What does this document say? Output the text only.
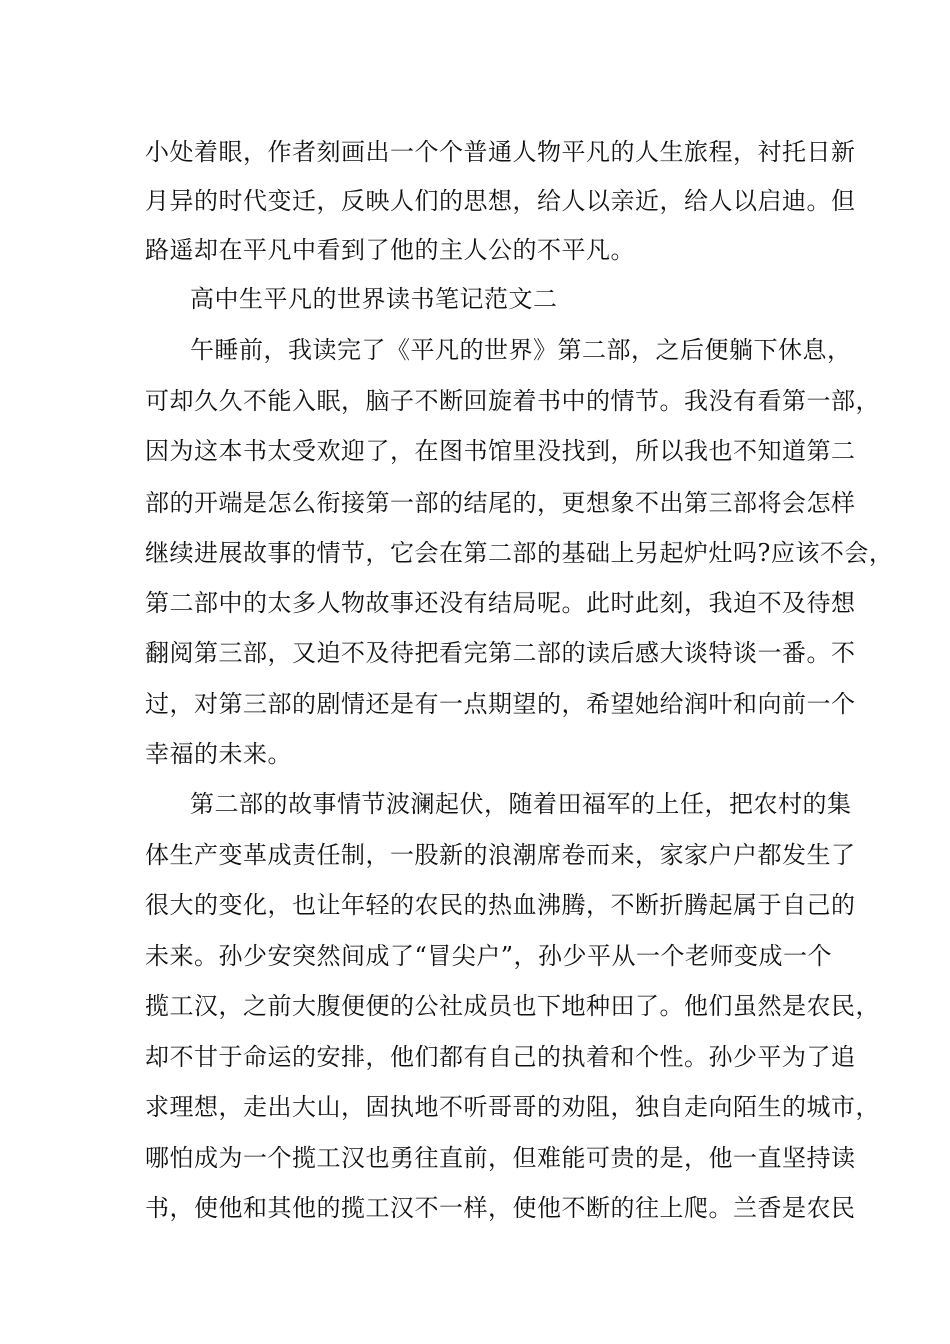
小处着眼，作者刻画出一个个普通人物平凡的人生旅程，衬托日新
月异的时代变迁，反映人们的思想，给人以亲近，给人以启迪。但
路遥却在平凡中看到了他的主人公的不平凡。
高中生平凡的世界读书笔记范文二
午睡前，我读完了《平凡的世界》第二部，之后便躺下休息，
可却久久不能入眠，脑子不断回旋着书中的情节。我没有看第一部，
因为这本书太受欢迎了，在图书馆里没找到，所以我也不知道第二
部的开端是怎么衔接第一部的结尾的，更想象不出第三部将会怎样
继续进展故事的情节，它会在第二部的基础上另起炉灶吗?应该不会，
第二部中的太多人物故事还没有结局呢。此时此刻，我迫不及待想
翻阅第三部，又迫不及待把看完第二部的读后感大谈特谈一番。不
过，对第三部的剧情还是有一点期望的，希望她给润叶和向前一个
幸福的未来。
第二部的故事情节波澜起伏，随着田福军的上任，把农村的集
体生产变革成责任制，一股新的浪潮席卷而来，家家户户都发生了
很大的变化，也让年轻的农民的热血沸腾，不断折腾起属于自己的
未来。孙少安突然间成了“冒尖户”，孙少平从一个老师变成一个
揽工汉，之前大腹便便的公社成员也下地种田了。他们虽然是农民，
却不甘于命运的安排，他们都有自己的执着和个性。孙少平为了追
求理想，走出大山，固执地不听哥哥的劝阻，独自走向陌生的城市，
哪怕成为一个揽工汉也勇往直前，但难能可贵的是，他一直坚持读
书，使他和其他的揽工汉不一样，使他不断的往上爬。兰香是农民
